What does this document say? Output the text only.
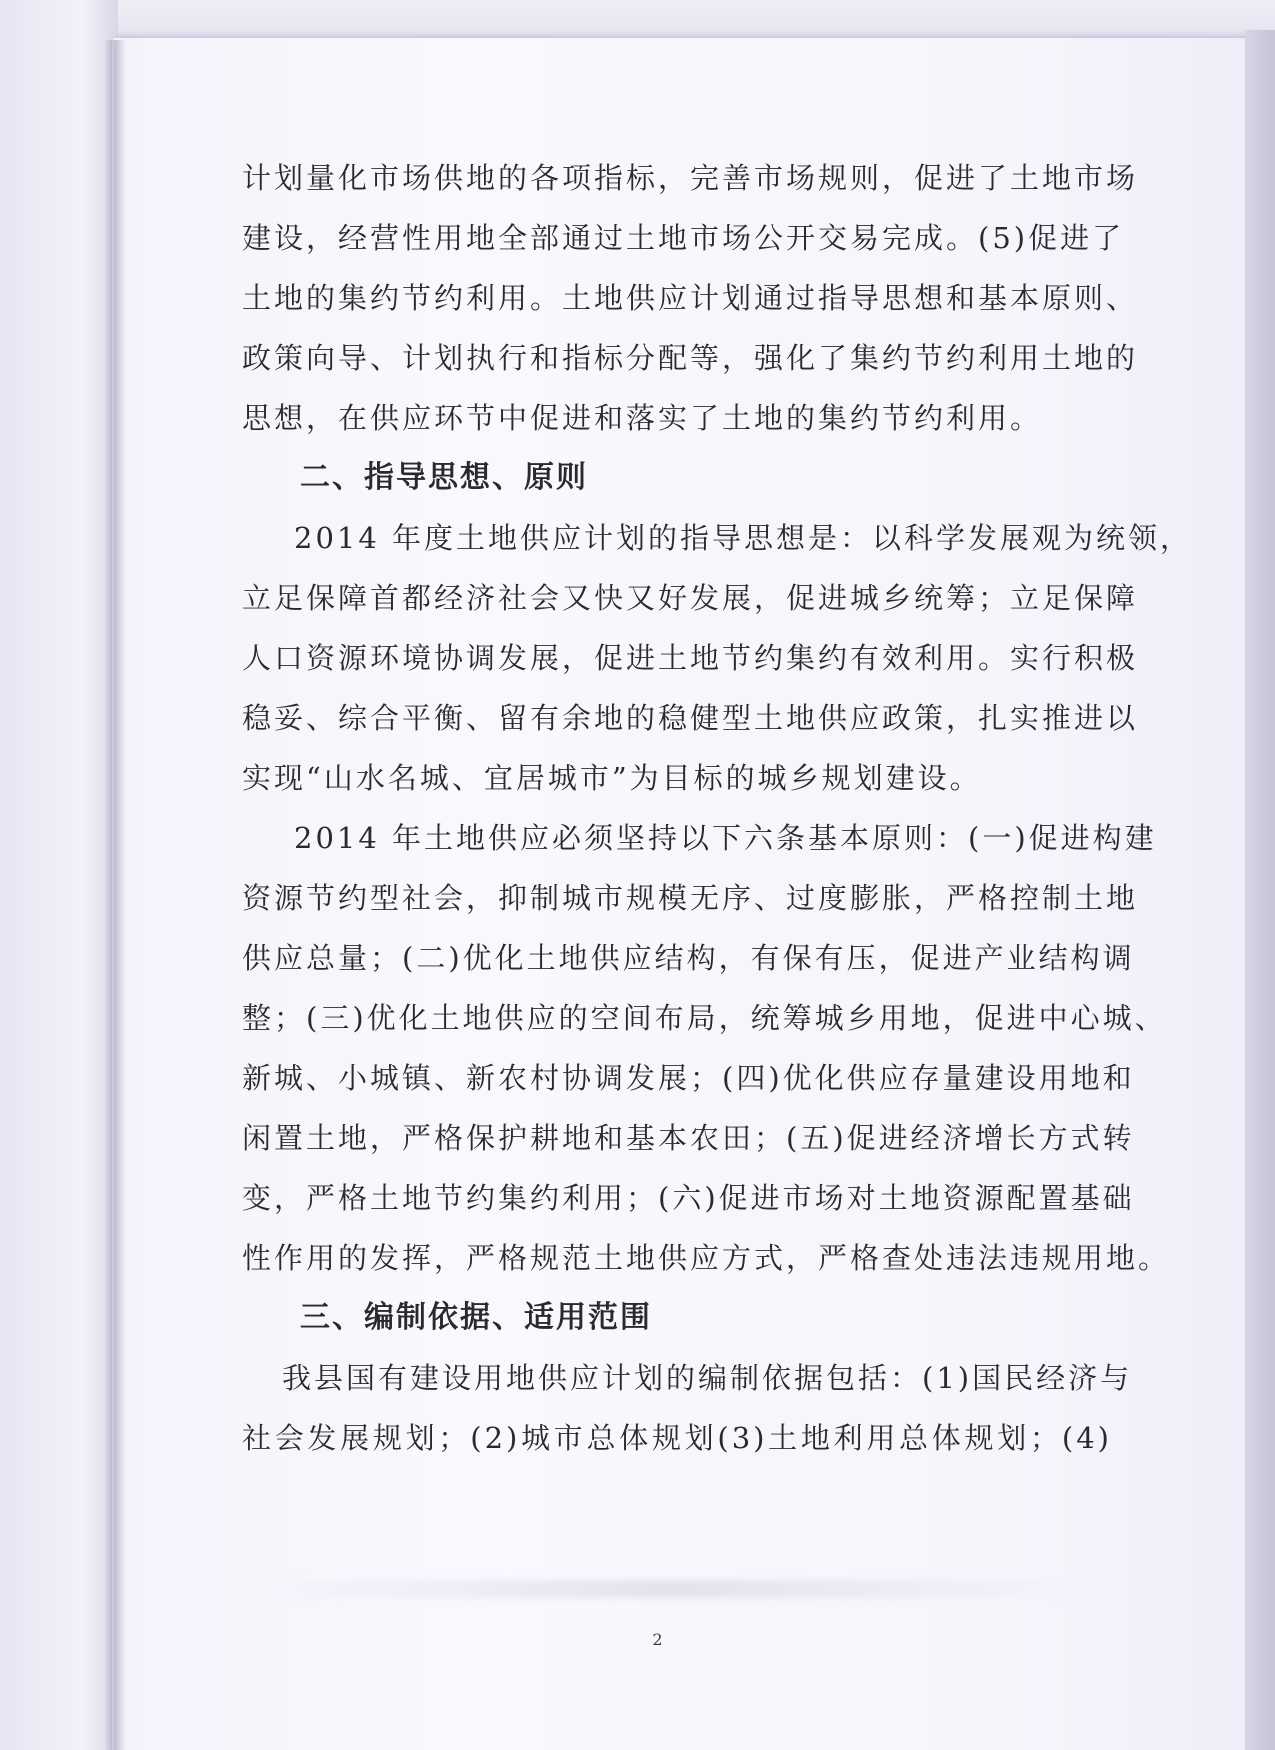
计划量化市场供地的各项指标，完善市场规则，促进了土地市场
建设，经营性用地全部通过土地市场公开交易完成。(5)促进了
土地的集约节约利用。土地供应计划通过指导思想和基本原则、
政策向导、计划执行和指标分配等，强化了集约节约利用土地的
思想，在供应环节中促进和落实了土地的集约节约利用。
二、指导思想、原则
2014 年度土地供应计划的指导思想是：以科学发展观为统领，
立足保障首都经济社会又快又好发展，促进城乡统筹；立足保障
人口资源环境协调发展，促进土地节约集约有效利用。实行积极
稳妥、综合平衡、留有余地的稳健型土地供应政策，扎实推进以
实现“山水名城、宜居城市”为目标的城乡规划建设。
2014 年土地供应必须坚持以下六条基本原则：(一)促进构建
资源节约型社会，抑制城市规模无序、过度膨胀，严格控制土地
供应总量；(二)优化土地供应结构，有保有压，促进产业结构调
整；(三)优化土地供应的空间布局，统筹城乡用地，促进中心城、
新城、小城镇、新农村协调发展；(四)优化供应存量建设用地和
闲置土地，严格保护耕地和基本农田；(五)促进经济增长方式转
变，严格土地节约集约利用；(六)促进市场对土地资源配置基础
性作用的发挥，严格规范土地供应方式，严格查处违法违规用地。
三、编制依据、适用范围
我县国有建设用地供应计划的编制依据包括：(1)国民经济与
社会发展规划；(2)城市总体规划(3)土地利用总体规划；(4)
2
